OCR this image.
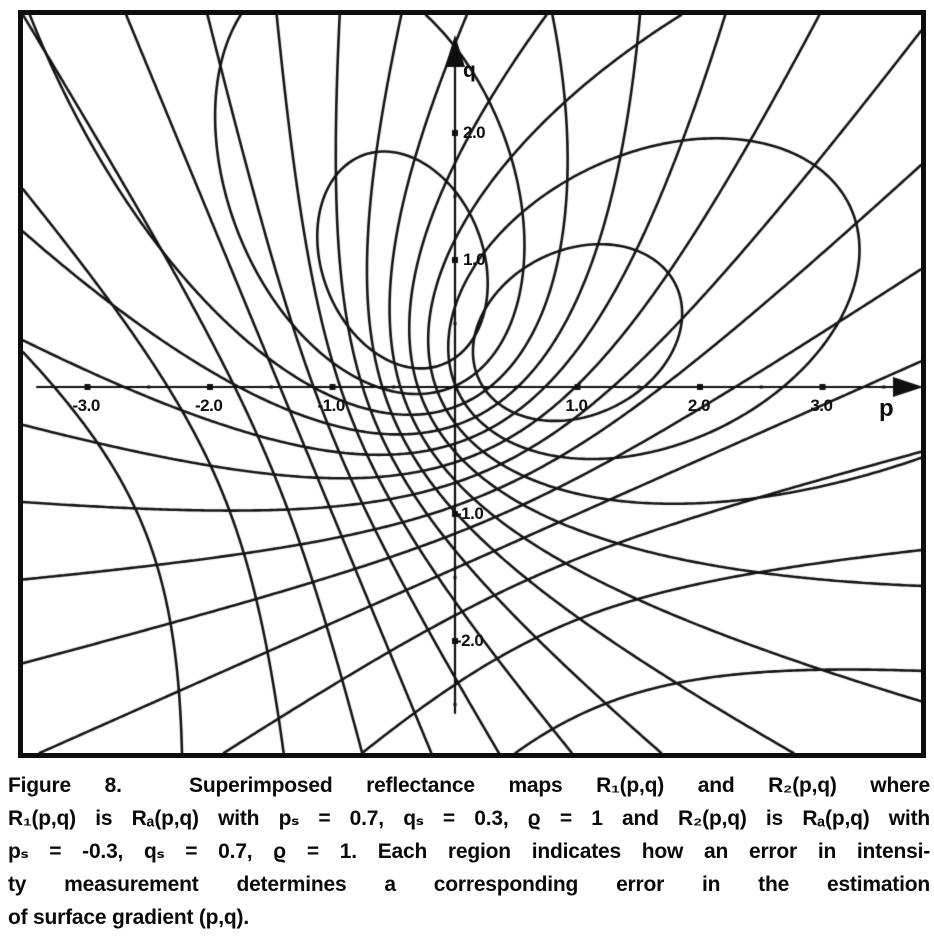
q
p
-3.0	-2.0	-1.0	1.0	2.0	3.0
2.0
1.0
-1.0
-2.0
Figure 8.  Superimposed reflectance maps R₁(p,q) and R₂(p,q) where
R₁(p,q) is Rₐ(p,q) with pₛ = 0.7, qₛ = 0.3, ϱ = 1 and R₂(p,q) is Rₐ(p,q) with
pₛ = -0.3, qₛ = 0.7, ϱ = 1. Each region indicates how an error in intensi-
ty measurement determines a corresponding error in the estimation
of surface gradient (p,q).
